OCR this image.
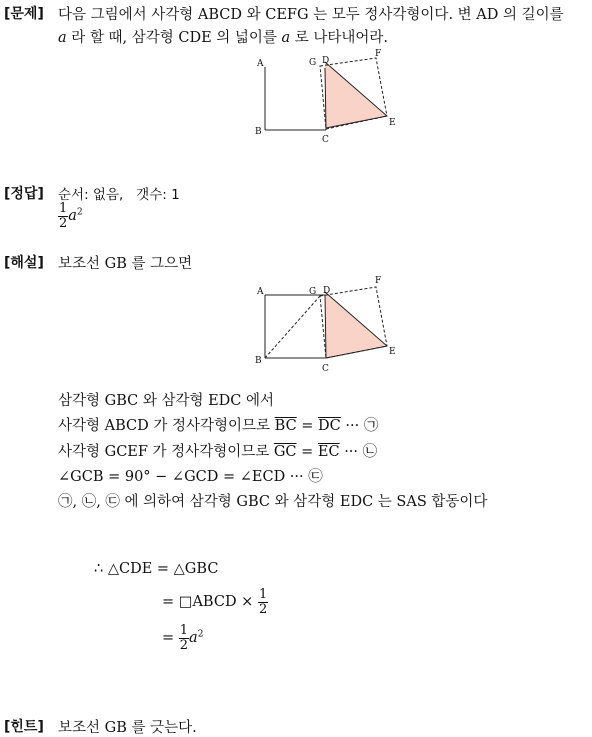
[문제] 다음 그림에서 사각형 ABCD 와 CEFG 는 모두 정사각형이다. 변 AD 의 길이를
a 라 할 때, 삼각형 CDE 의 넓이를 a 로 나타내어라.
A
B
C
D
E
F
G
[정답] 순서: 없음, 갯수: 1
$\frac{1}{2} a^2$
[해설] 보조선 GB 를 그으면
A
B
C
D
E
F
G
삼각형 GBC 와 삼각형 EDC 에서
사각형 ABCD 가 정사각형이므로 $\overline{BC} = \overline{DC}$ ··· ㉠
사각형 GCEF 가 정사각형이므로 $\overline{GC} = \overline{EC}$ ··· ㉡
∠GCB = 90° − ∠GCD = ∠ECD ··· ㉢
㉠, ㉡, ㉢ 에 의하여 삼각형 GBC 와 삼각형 EDC 는 SAS 합동이다
∴ △CDE = △GBC
= □ABCD × $\frac{1}{2}$
= $\frac{1}{2} a^2$
[힌트] 보조선 GB 를 긋는다.
